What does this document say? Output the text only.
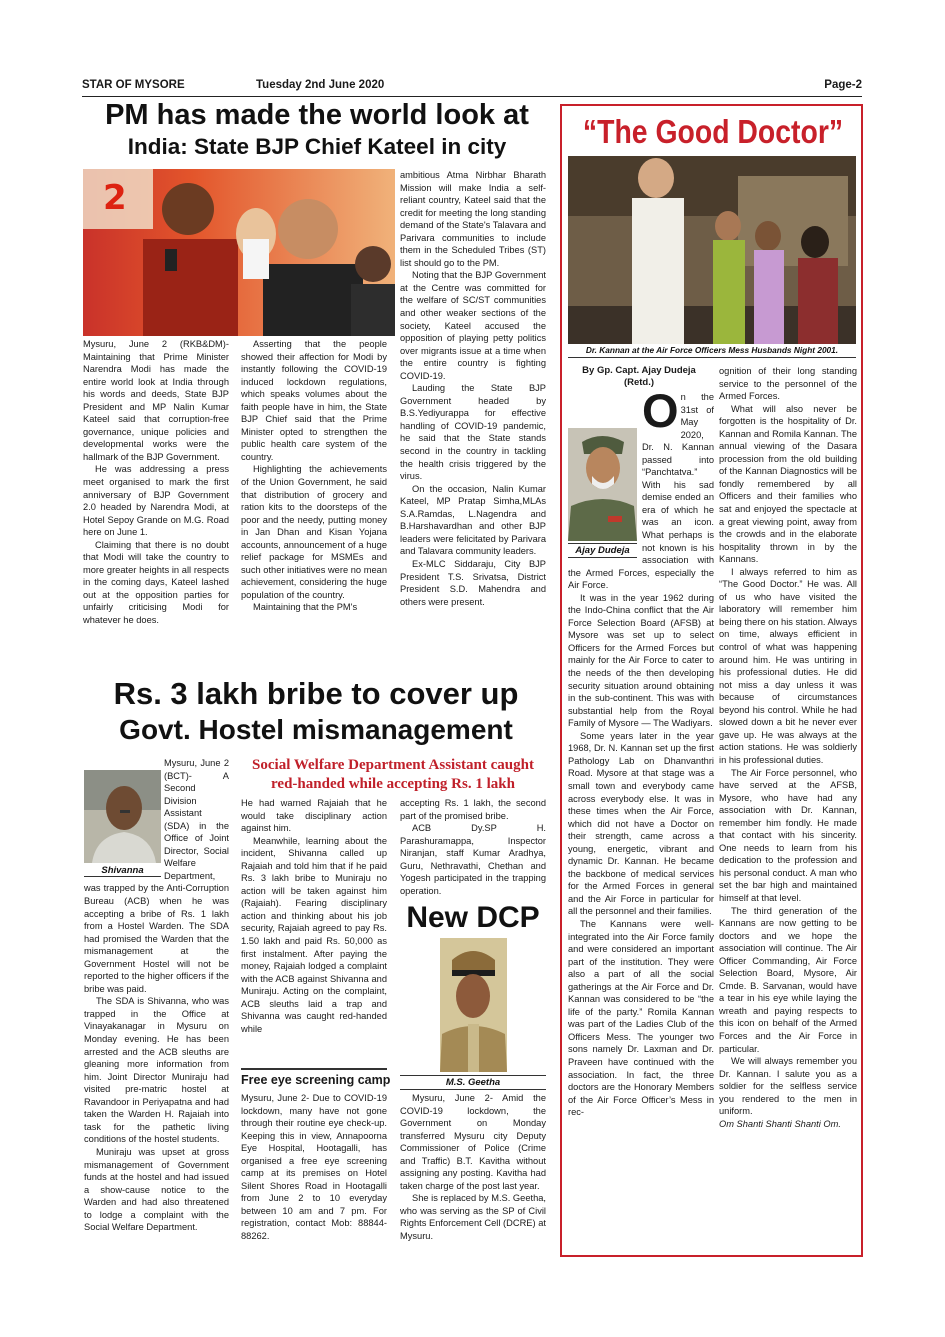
STAR OF MYSORE	Tuesday 2nd June 2020	Page-2
PM has made the world look at
India: State BJP Chief Kateel in city
2

Mysuru, June 2 (RKB&DM)- Maintaining that Prime Minister Narendra Modi has made the entire world look at India through his words and deeds, State BJP President and MP Nalin Kumar Kateel said that corruption-free governance, unique policies and developmental works were the hallmark of the BJP Government.

He was addressing a press meet organised to mark the first anniversary of BJP Government 2.0 headed by Narendra Modi, at Hotel Sepoy Grande on M.G. Road here on June 1.

Claiming that there is no doubt that Modi will take the country to more greater heights in all respects in the coming days, Kateel lashed out at the opposition parties for unfairly criticising Modi for whatever he does.

Asserting that the people showed their affection for Modi by instantly following the COVID-19 induced lockdown regulations, which speaks volumes about the faith people have in him, the State BJP Chief said that the Prime Minister opted to strengthen the public health care system of the country.

Highlighting the achievements of the Union Government, he said that distribution of grocery and ration kits to the doorsteps of the poor and the needy, putting money in Jan Dhan and Kisan Yojana accounts, announcement of a huge relief package for MSMEs and such other initiatives were no mean achievement, considering the huge population of the country.

Maintaining that the PM's

ambitious Atma Nirbhar Bharath Mission will make India a self-reliant country, Kateel said that the credit for meeting the long standing demand of the State's Talavara and Parivara communities to include them in the Scheduled Tribes (ST) list should go to the PM.

Noting that the BJP Government at the Centre was committed for the welfare of SC/ST communities and other weaker sections of the society, Kateel accused the opposition of playing petty politics over migrants issue at a time when the entire country is fighting COVID-19.

Lauding the State BJP Government headed by B.S.Yediyurappa for effective handling of COVID-19 pandemic, he said that the State stands second in the country in tackling the health crisis triggered by the virus.

On the occasion, Nalin Kumar Kateel, MP Pratap Simha,MLAs S.A.Ramdas, L.Nagendra and B.Harshavardhan and other BJP leaders were felicitated by Parivara and Talavara community leaders.

Ex-MLC Siddaraju, City BJP President T.S. Srivatsa, District President S.D. Mahendra and others were present.

Rs. 3 lakh bribe to cover up
Govt. Hostel mismanagement
Shivanna

Mysuru, June 2 (BCT)- A Second Division Assistant (SDA) in the Office of Joint Director, Social Welfare Department, was trapped by the Anti-Corruption Bureau (ACB) when he was accepting a bribe of Rs. 1 lakh from a Hostel Warden. The SDA had promised the Warden that the mismanagement at the Government Hostel will not be reported to the higher officers if the bribe was paid.

The SDA is Shivanna, who was trapped in the Office at Vinayakanagar in Mysuru on Monday evening. He has been arrested and the ACB sleuths are gleaning more information from him. Joint Director Muniraju had visited pre-matric hostel at Ravandoor in Periyapatna and had taken the Warden H. Rajaiah into task for the pathetic living conditions of the hostel students.

Muniraju was upset at gross mismanagement of Government funds at the hostel and had issued a show-cause notice to the Warden and had also threatened to lodge a complaint with the Social Welfare Department.

Social Welfare Department Assistant caught red-handed while accepting Rs. 1 lakh

He had warned Rajaiah that he would take disciplinary action against him.

Meanwhile, learning about the incident, Shivanna called up Rajaiah and told him that if he paid Rs. 3 lakh bribe to Muniraju no action will be taken against him (Rajaiah). Fearing disciplinary action and thinking about his job security, Rajaiah agreed to pay Rs. 1.50 lakh and paid Rs. 50,000 as first instalment. After paying the money, Rajaiah lodged a complaint with the ACB against Shivanna and Muniraju. Acting on the complaint, ACB sleuths laid a trap and Shivanna was caught red-handed while

accepting Rs. 1 lakh, the second part of the promised bribe.

ACB Dy.SP H. Parashuramappa, Inspector Niranjan, staff Kumar Aradhya, Guru, Nethravathi, Chethan and Yogesh participated in the trapping operation.

Free eye screening camp

Mysuru, June 2- Due to COVID-19 lockdown, many have not gone through their routine eye check-up. Keeping this in view, Annapoorna Eye Hospital, Hootagalli, has organised a free eye screening camp at its premises on Hotel Silent Shores Road in Hootagalli from June 2 to 10 everyday between 10 am and 7 pm. For registration, contact Mob: 88844-88262.

New DCP
M.S. Geetha

Mysuru, June 2- Amid the COVID-19 lockdown, the Government on Monday transferred Mysuru city Deputy Commissioner of Police (Crime and Traffic) B.T. Kavitha without assigning any posting. Kavitha had taken charge of the post last year.

She is replaced by M.S. Geetha, who was serving as the SP of Civil Rights Enforcement Cell (DCRE) at Mysuru.

“The Good Doctor”
Dr. Kannan at the Air Force Officers Mess Husbands Night 2001.
By Gp. Capt. Ajay Dudeja
(Retd.)
Ajay Dudeja
O n the 31st of May 2020, Dr. N. Kannan passed into “Panchtatva.” With his sad demise ended an era of which he was an icon. What perhaps is not known is his association with the Armed Forces, especially the Air Force.

It was in the year 1962 during the Indo-China conflict that the Air Force Selection Board (AFSB) at Mysore was set up to select Officers for the Armed Forces but mainly for the Air Force to cater to the needs of the then developing security situation around obtaining in the sub-continent. This was with substantial help from the Royal Family of Mysore — The Wadiyars.

Some years later in the year 1968, Dr. N. Kannan set up the first Pathology Lab on Dhanvanthri Road. Mysore at that stage was a small town and everybody came across everybody else. It was in these times when the Air Force, which did not have a Doctor on their strength, came across a young, energetic, vibrant and dynamic Dr. Kannan. He became the backbone of medical services for the Armed Forces in general and the Air Force in particular for all the personnel and their families.

The Kannans were well-integrated into the Air Force family and were considered an important part of the institution. They were also a part of all the social gatherings at the Air Force and Dr. Kannan was considered to be “the life of the party.” Romila Kannan was part of the Ladies Club of the Officers Mess. The younger two sons namely Dr. Laxman and Dr. Praveen have continued with the association. In fact, the three doctors are the Honorary Members of the Air Force Officer’s Mess in rec-

ognition of their long standing service to the personnel of the Armed Forces.

What will also never be forgotten is the hospitality of Dr. Kannan and Romila Kannan. The annual viewing of the Dasara procession from the old building of the Kannan Diagnostics will be fondly remembered by all Officers and their families who sat and enjoyed the spectacle at a great viewing point, away from the crowds and in the elaborate hospitality thrown in by the Kannans.

I always referred to him as “The Good Doctor.” He was. All of us who have visited the laboratory will remember him being there on his station. Always on time, always efficient in control of what was happening around him. He was untiring in his professional duties. He did not miss a day unless it was because of circumstances beyond his control. While he had slowed down a bit he never ever gave up. He was always at the action stations. He was soldierly in his professional duties.

The Air Force personnel, who have served at the AFSB, Mysore, who have had any association with Dr. Kannan, remember him fondly. He made that contact with his sincerity. One needs to learn from his dedication to the profession and his personal conduct. A man who set the bar high and maintained himself at that level.

The third generation of the Kannans are now getting to be doctors and we hope the association will continue. The Air Officer Commanding, Air Force Selection Board, Mysore, Air Cmde. B. Sarvanan, would have a tear in his eye while laying the wreath and paying respects to this icon on behalf of the Armed Forces and the Air Force in particular.

We will always remember you Dr. Kannan. I salute you as a soldier for the selfless service you rendered to the men in uniform.

Om Shanti Shanti Shanti Om.
